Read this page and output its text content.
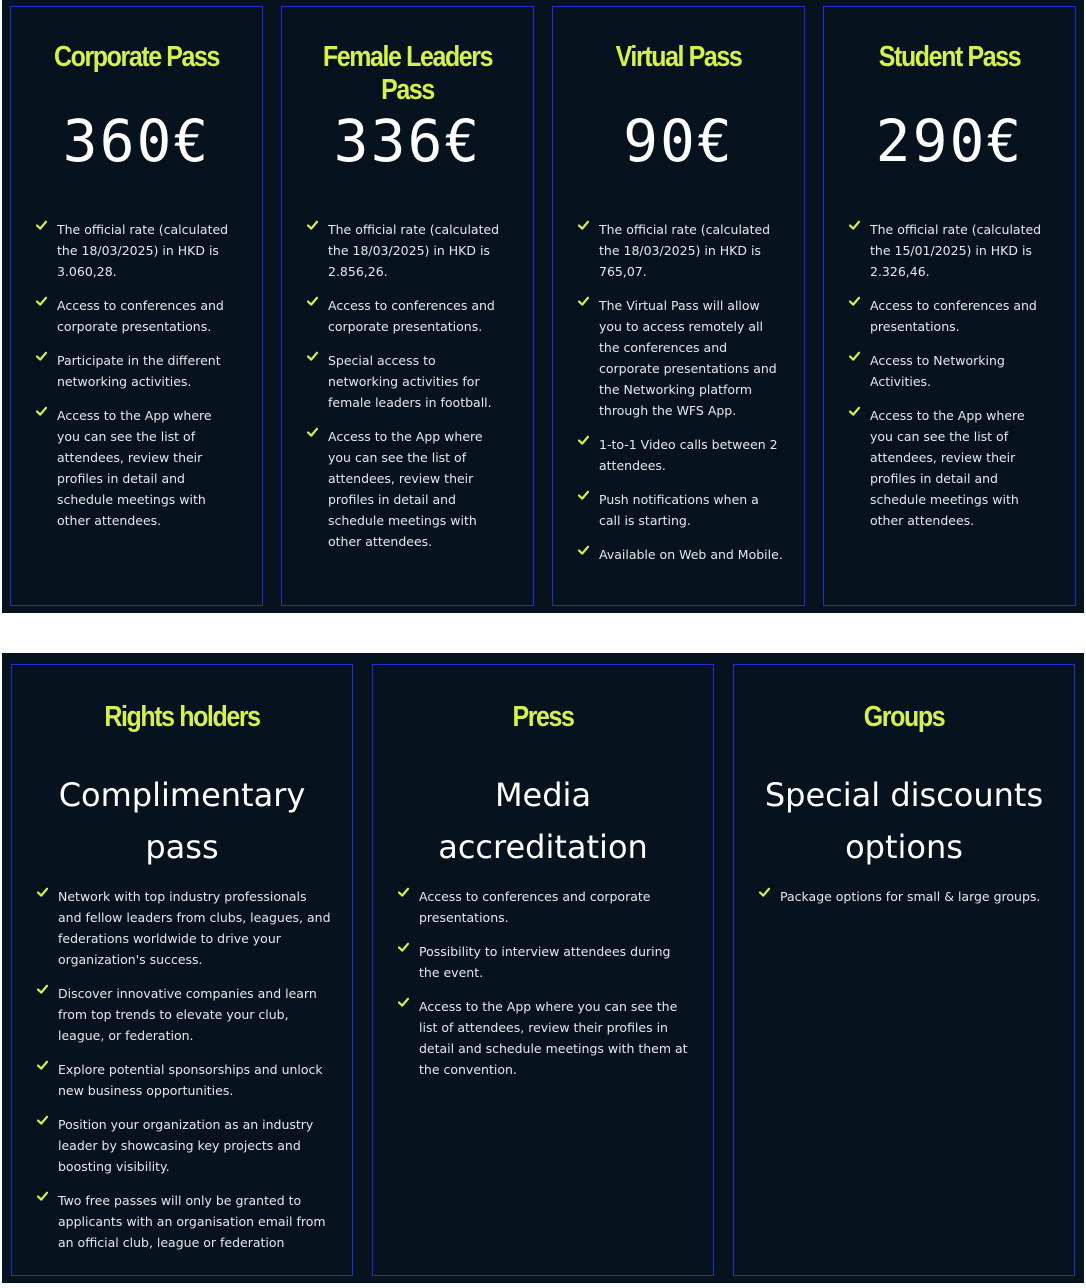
Corporate Pass
360€
The official rate (calculated the 18/03/2025) in HKD is 3.060,28.
Access to conferences and corporate presentations.
Participate in the different networking activities.
Access to the App where you can see the list of attendees, review their profiles in detail and schedule meetings with other attendees.
Female Leaders Pass
336€
The official rate (calculated the 18/03/2025) in HKD is 2.856,26.
Access to conferences and corporate presentations.
Special access to networking activities for female leaders in football.
Access to the App where you can see the list of attendees, review their profiles in detail and schedule meetings with other attendees.
Virtual Pass
90€
The official rate (calculated the 18/03/2025) in HKD is 765,07.
The Virtual Pass will allow you to access remotely all the conferences and corporate presentations and the Networking platform through the WFS App.
1-to-1 Video calls between 2 attendees.
Push notifications when a call is starting.
Available on Web and Mobile.
Student Pass
290€
The official rate (calculated the 15/01/2025) in HKD is 2.326,46.
Access to conferences and presentations.
Access to Networking Activities.
Access to the App where you can see the list of attendees, review their profiles in detail and schedule meetings with other attendees.
Rights holders
Complimentary pass
Network with top industry professionals and fellow leaders from clubs, leagues, and federations worldwide to drive your organization's success.
Discover innovative companies and learn from top trends to elevate your club, league, or federation.
Explore potential sponsorships and unlock new business opportunities.
Position your organization as an industry leader by showcasing key projects and boosting visibility.
Two free passes will only be granted to applicants with an organisation email from an official club, league or federation
Press
Media accreditation
Access to conferences and corporate presentations.
Possibility to interview attendees during the event.
Access to the App where you can see the list of attendees, review their profiles in detail and schedule meetings with them at the convention.
Groups
Special discounts options
Package options for small & large groups.
